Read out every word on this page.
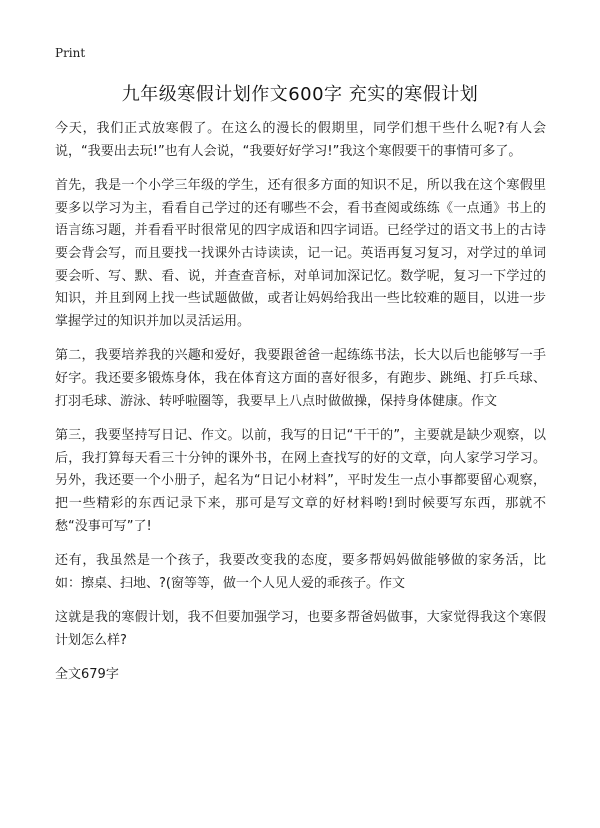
Print
九年级寒假计划作文600字 充实的寒假计划

今天，我们正式放寒假了。在这么的漫长的假期里，同学们想干些什么呢?有人会说，“我要出去玩!”也有人会说，“我要好好学习!”我这个寒假要干的事情可多了。

首先，我是一个小学三年级的学生，还有很多方面的知识不足，所以我在这个寒假里要多以学习为主，看看自己学过的还有哪些不会，看书查阅或练练《一点通》书上的语言练习题，并看看平时很常见的四字成语和四字词语。已经学过的语文书上的古诗要会背会写，而且要找一找课外古诗读读，记一记。英语再复习复习，对学过的单词要会听、写、默、看、说，并查查音标，对单词加深记忆。数学呢，复习一下学过的知识，并且到网上找一些试题做做，或者让妈妈给我出一些比较难的题目，以进一步掌握学过的知识并加以灵活运用。

第二，我要培养我的兴趣和爱好，我要跟爸爸一起练练书法，长大以后也能够写一手好字。我还要多锻炼身体，我在体育这方面的喜好很多，有跑步、跳绳、打乒乓球、打羽毛球、游泳、转呼啦圈等，我要早上八点时做做操，保持身体健康。作文

第三，我要坚持写日记、作文。以前，我写的日记“干干的”，主要就是缺少观察，以后，我打算每天看三十分钟的课外书，在网上查找写的好的文章，向人家学习学习。另外，我还要一个小册子，起名为“日记小材料”，平时发生一点小事都要留心观察，把一些精彩的东西记录下来，那可是写文章的好材料哟!到时候要写东西，那就不愁“没事可写”了!

还有，我虽然是一个孩子，我要改变我的态度，要多帮妈妈做能够做的家务活，比如：擦桌、扫地、?(窗等等，做一个人见人爱的乖孩子。作文

这就是我的寒假计划，我不但要加强学习，也要多帮爸妈做事，大家觉得我这个寒假计划怎么样?

全文679字
